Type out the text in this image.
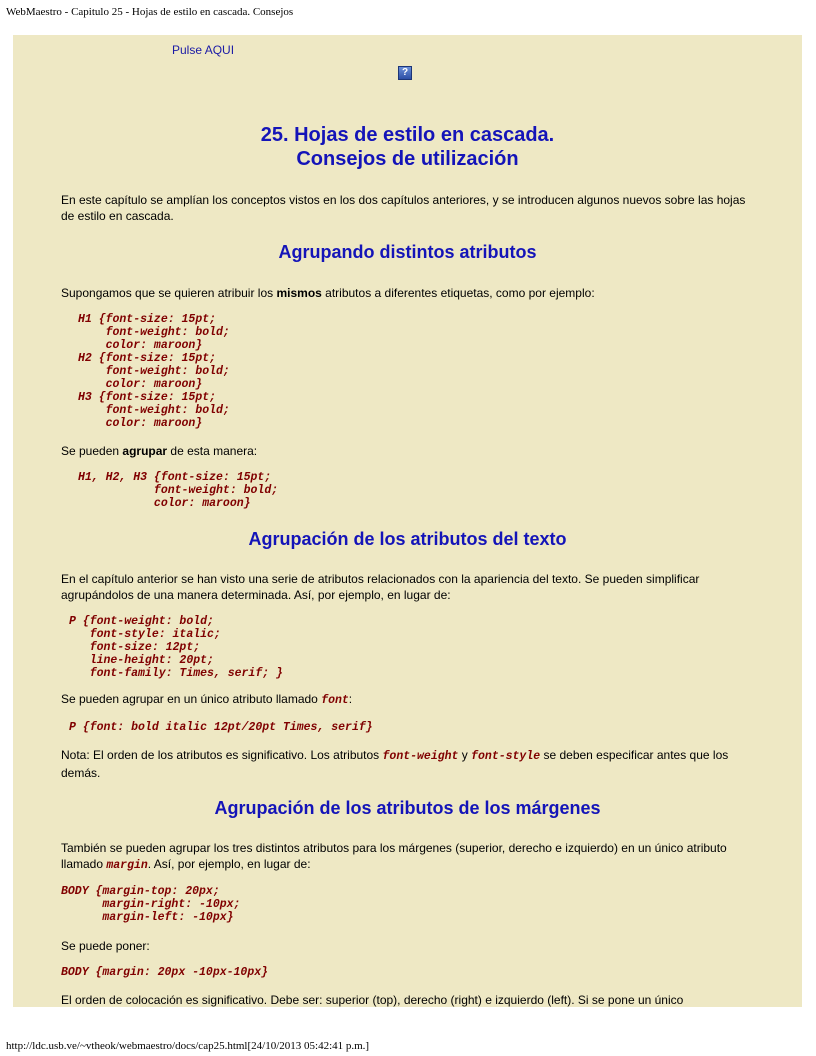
WebMaestro - Capitulo 25 - Hojas de estilo en cascada. Consejos
Pulse AQUI
?
25. Hojas de estilo en cascada.
Consejos de utilización

En este capítulo se amplían los conceptos vistos en los dos capítulos anteriores, y se introducen algunos nuevos sobre las hojas de estilo en cascada.

Agrupando distintos atributos

Supongamos que se quieren atribuir los mismos atributos a diferentes etiquetas, como por ejemplo:

H1 {font-size: 15pt;
font-weight: bold;
color: maroon}
H2 {font-size: 15pt;
font-weight: bold;
color: maroon}
H3 {font-size: 15pt;
font-weight: bold;
color: maroon}

Se pueden agrupar de esta manera:

H1, H2, H3 {font-size: 15pt;
font-weight: bold;
color: maroon}
Agrupación de los atributos del texto

En el capítulo anterior se han visto una serie de atributos relacionados con la apariencia del texto. Se pueden simplificar agrupándolos de una manera determinada. Así, por ejemplo, en lugar de:

P {font-weight: bold;
font-style: italic;
font-size: 12pt;
line-height: 20pt;
font-family: Times, serif; }

Se pueden agrupar en un único atributo llamado font:

P {font: bold italic 12pt/20pt Times, serif}

Nota: El orden de los atributos es significativo. Los atributos font-weight y font-style se deben especificar antes que los demás.

Agrupación de los atributos de los márgenes

También se pueden agrupar los tres distintos atributos para los márgenes (superior, derecho e izquierdo) en un único atributo llamado margin. Así, por ejemplo, en lugar de:

BODY {margin-top: 20px;
margin-right: -10px;
margin-left: -10px}

Se puede poner:

BODY {margin: 20px -10px-10px}

El orden de colocación es significativo. Debe ser: superior (top), derecho (right) e izquierdo (left). Si se pone un único

http://ldc.usb.ve/~vtheok/webmaestro/docs/cap25.html[24/10/2013 05:42:41 p.m.]
